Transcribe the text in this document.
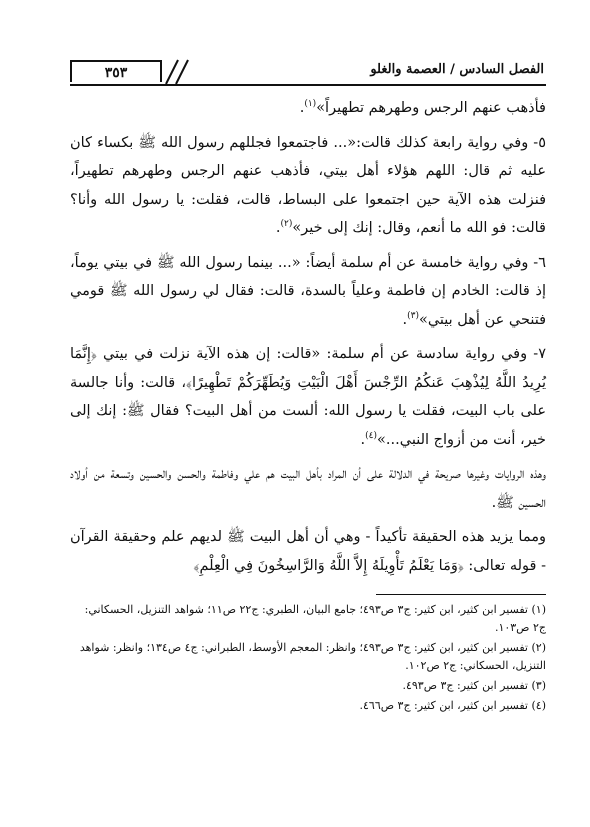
الفصل السادس / العصمة والغلو
٣٥٣

فأذهب عنهم الرجس وطهرهم تطهيراً»$^{(١)}$.

٥- وفي رواية رابعة كذلك قالت:«... فاجتمعوا فجللهم رسول الله ﷺ بكساء كان عليه ثم قال: اللهم هؤلاء أهل بيتي، فأذهب عنهم الرجس وطهرهم تطهيراً، فنزلت هذه الآية حين اجتمعوا على البساط، قالت، فقلت: يا رسول الله وأنا؟ قالت: فو الله ما أنعم، وقال: إنك إلى خير»$^{(٢)}$.

٦- وفي رواية خامسة عن أم سلمة أيضاً: «... بينما رسول الله ﷺ في بيتي يوماً، إذ قالت: الخادم إن فاطمة وعلياً بالسدة، قالت: فقال لي رسول الله ﷺ قومي فتنحي عن أهل بيتي»$^{(٣)}$.

٧- وفي رواية سادسة عن أم سلمة: «قالت: إن هذه الآية نزلت في بيتي ﴿إِنَّمَا يُرِيدُ اللَّهُ لِيُذْهِبَ عَنكُمُ الرِّجْسَ أَهْلَ الْبَيْتِ وَيُطَهِّرَكُمْ تَطْهِيرًا﴾، قالت: وأنا جالسة على باب البيت، فقلت يا رسول الله: ألست من أهل البيت؟ فقال ﷺ: إنك إلى خير، أنت من أزواج النبي...»$^{(٤)}$.

وهذه الروايات وغيرها صريحة في الدلالة على أن المراد بأهل البيت هم علي وفاطمة والحسن والحسين وتسعة من أولاد الحسين ﷺ.

ومما يزيد هذه الحقيقة تأكيداً - وهي أن أهل البيت ﷺ لديهم علم وحقيقة القرآن - قوله تعالى: ﴿وَمَا يَعْلَمُ تَأْوِيلَهُ إِلاَّ اللَّهُ وَالرَّاسِخُونَ فِي الْعِلْمِ﴾

(١) تفسير ابن كثير، ابن كثير: ج٣ ص٤٩٣؛ جامع البيان، الطبري: ج٢٢ ص١١؛ شواهد التنزيل، الحسكاني: ج٢ ص١٠٣.

(٢) تفسير ابن كثير، ابن كثير: ج٣ ص٤٩٣؛ وانظر: المعجم الأوسط، الطبراني: ج٤ ص١٣٤؛ وانظر: شواهد التنزيل، الحسكاني: ج٢ ص١٠٢.

(٣) تفسير ابن كثير: ج٣ ص٤٩٣.

(٤) تفسير ابن كثير، ابن كثير: ج٣ ص٤٦٦.
